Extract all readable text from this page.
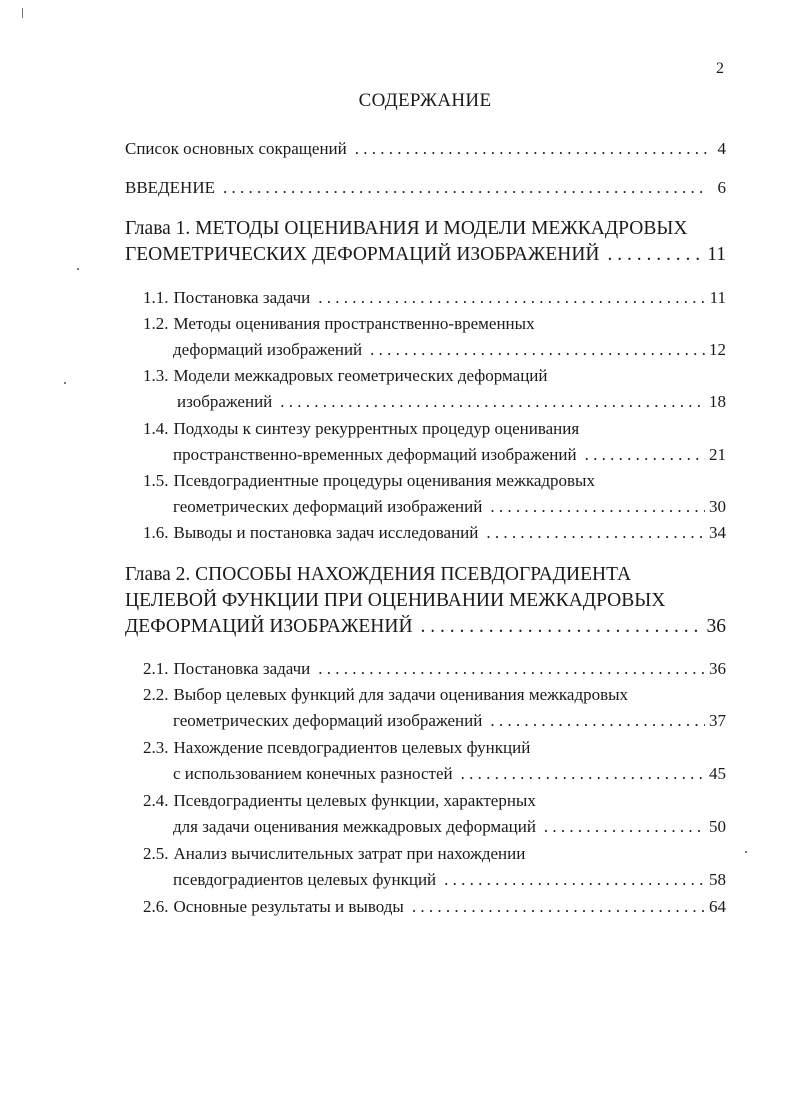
2
СОДЕРЖАНИЕ
Список основных сокращений . . .	4
ВВЕДЕНИЕ . . .	6
Глава 1. МЕТОДЫ ОЦЕНИВАНИЯ И МОДЕЛИ МЕЖКАДРОВЫХ
ГЕОМЕТРИЧЕСКИХ ДЕФОРМАЦИЙ ИЗОБРАЖЕНИЙ . . .	11
1.1. Постановка задачи . . .	11
1.2. Методы оценивания пространственно-временных
деформаций изображений . . .	12
1.3. Модели межкадровых геометрических деформаций
изображений . . .	18
1.4. Подходы к синтезу рекуррентных процедур оценивания
пространственно-временных деформаций изображений . . .	21
1.5. Псевдоградиентные процедуры оценивания межкадровых
геометрических деформаций изображений . . .	30
1.6. Выводы и постановка задач исследований . . .	34
Глава 2. СПОСОБЫ НАХОЖДЕНИЯ ПСЕВДОГРАДИЕНТА
ЦЕЛЕВОЙ ФУНКЦИИ ПРИ ОЦЕНИВАНИИ МЕЖКАДРОВЫХ
ДЕФОРМАЦИЙ ИЗОБРАЖЕНИЙ . . .	36
2.1. Постановка задачи . . .	36
2.2. Выбор целевых функций для задачи оценивания межкадровых
геометрических деформаций изображений . . .	37
2.3. Нахождение псевдоградиентов целевых функций
с использованием конечных разностей . . .	45
2.4. Псевдоградиенты целевых функции, характерных
для задачи оценивания межкадровых деформаций . . .	50
2.5. Анализ вычислительных затрат при нахождении
псевдоградиентов целевых функций . . .	58
2.6. Основные результаты и выводы . . .	64
